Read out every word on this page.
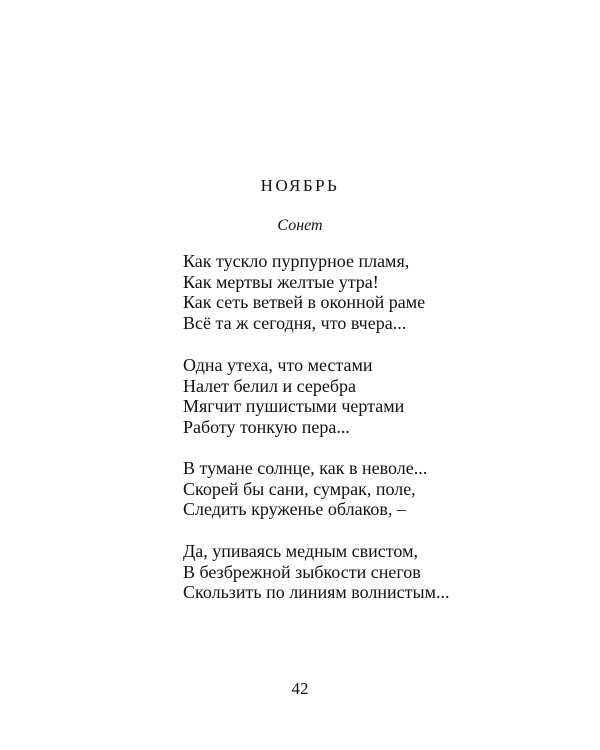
НОЯБРЬ
Сонет
Как тускло пурпурное пламя,
Как мертвы желтые утра!
Как сеть ветвей в оконной раме
Всё та ж сегодня, что вчера...
Одна утеха, что местами
Налет белил и серебра
Мягчит пушистыми чертами
Работу тонкую пера...
В тумане солнце, как в неволе...
Скорей бы сани, сумрак, поле,
Следить круженье облаков, –
Да, упиваясь медным свистом,
В безбрежной зыбкости снегов
Скользить по линиям волнистым...
42
